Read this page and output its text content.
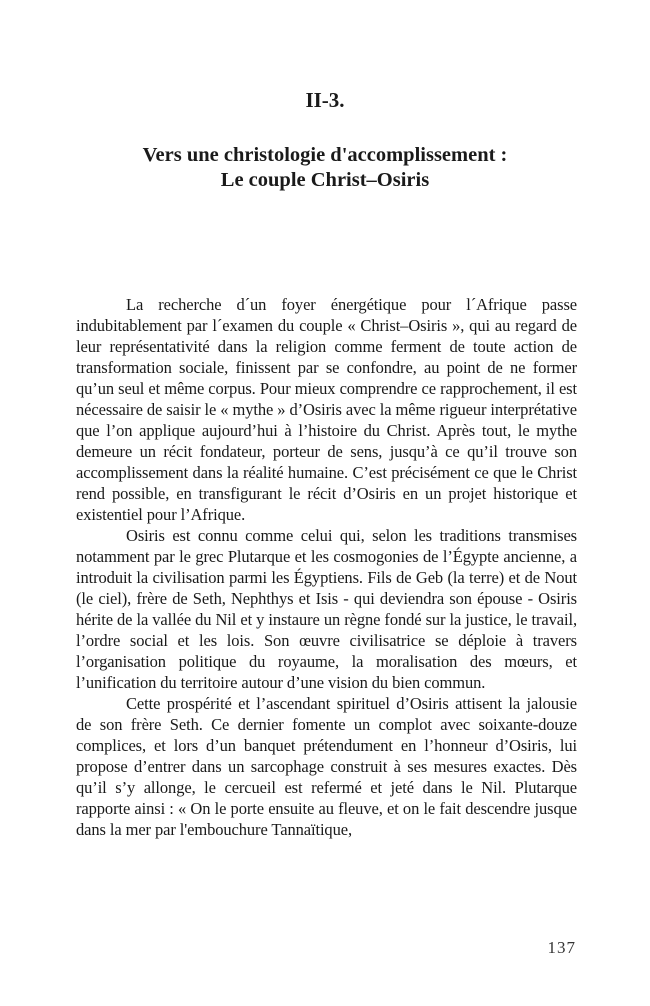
II-3.
Vers une christologie d'accomplissement :
Le couple Christ–Osiris

La recherche d´un foyer énergétique pour l´Afrique passe indubitablement par l´examen du couple « Christ–Osiris », qui au regard de leur représentativité dans la religion comme ferment de toute action de transformation sociale, finissent par se confondre, au point de ne former qu’un seul et même corpus. Pour mieux comprendre ce rapprochement, il est nécessaire de saisir le « mythe » d’Osiris avec la même rigueur interprétative que l’on applique aujourd’hui à l’histoire du Christ. Après tout, le mythe demeure un récit fondateur, porteur de sens, jusqu’à ce qu’il trouve son accomplissement dans la réalité humaine. C’est précisément ce que le Christ rend possible, en transfigurant le récit d’Osiris en un projet historique et existentiel pour l’Afrique.

Osiris est connu comme celui qui, selon les traditions transmises notamment par le grec Plutarque et les cosmogonies de l’Égypte ancienne, a introduit la civilisation parmi les Égyptiens. Fils de Geb (la terre) et de Nout (le ciel), frère de Seth, Nephthys et Isis - qui deviendra son épouse - Osiris hérite de la vallée du Nil et y instaure un règne fondé sur la justice, le travail, l’ordre social et les lois. Son œuvre civilisatrice se déploie à travers l’organisation politique du royaume, la moralisation des mœurs, et l’unification du territoire autour d’une vision du bien commun.

Cette prospérité et l’ascendant spirituel d’Osiris attisent la jalousie de son frère Seth. Ce dernier fomente un complot avec soixante-douze complices, et lors d’un banquet prétendument en l’honneur d’Osiris, lui propose d’entrer dans un sarcophage construit à ses mesures exactes. Dès qu’il s’y allonge, le cercueil est refermé et jeté dans le Nil. Plutarque rapporte ainsi : « On le porte ensuite au fleuve, et on le fait descendre jusque dans la mer par l'embouchure Tannaïtique,

137
